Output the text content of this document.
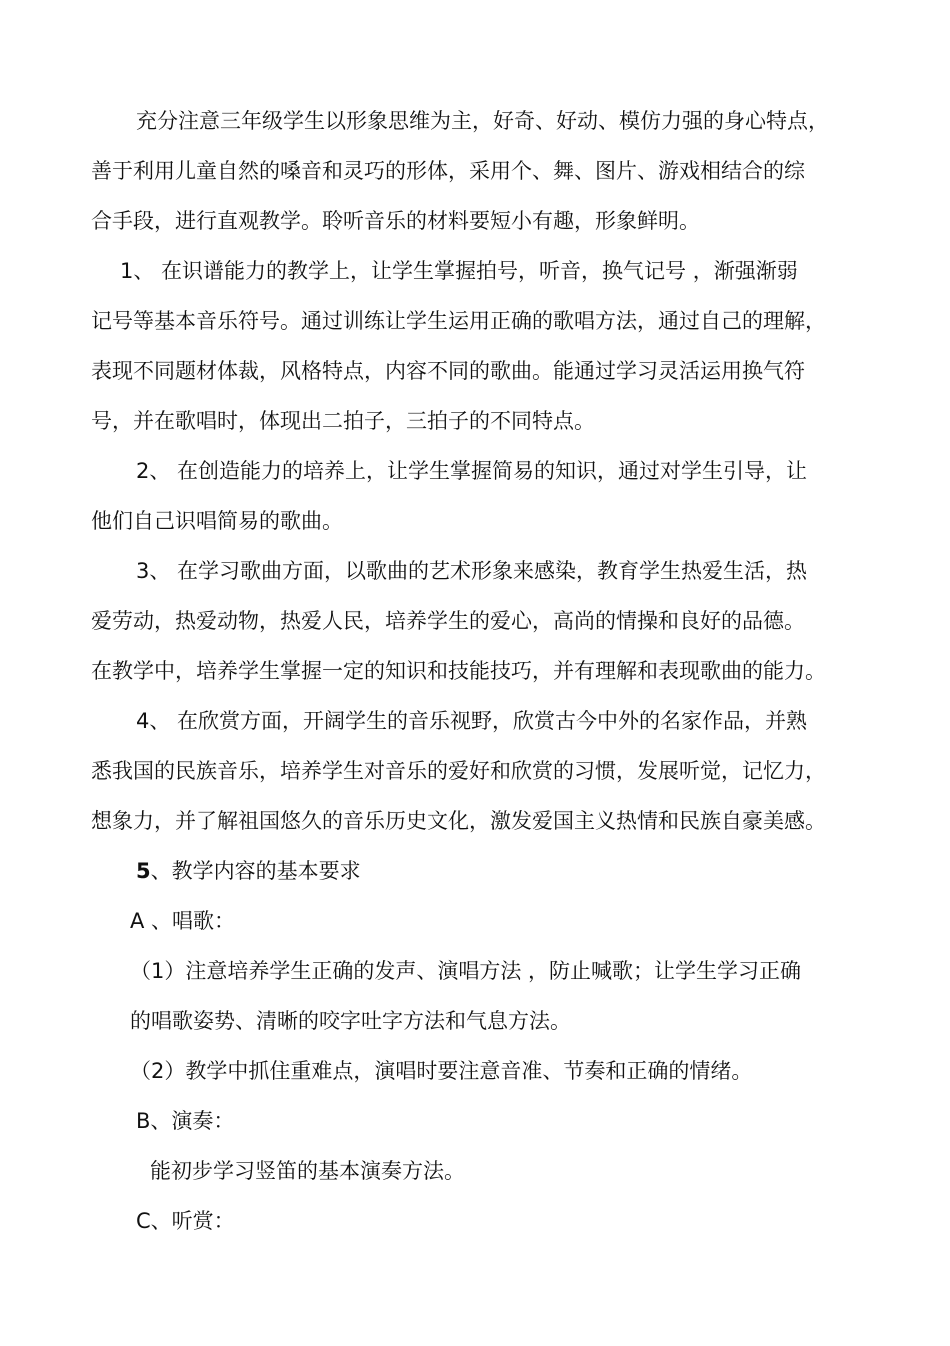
充分注意三年级学生以形象思维为主，好奇、好动、模仿力强的身心特点，
善于利用儿童自然的嗓音和灵巧的形体，采用个、舞、图片、游戏相结合的综
合手段，进行直观教学。聆听音乐的材料要短小有趣，形象鲜明。
1、 在识谱能力的教学上，让学生掌握拍号，听音，换气记号 ，渐强渐弱
记号等基本音乐符号。通过训练让学生运用正确的歌唱方法，通过自己的理解，
表现不同题材体裁，风格特点，内容不同的歌曲。能通过学习灵活运用换气符
号，并在歌唱时，体现出二拍子，三拍子的不同特点。
2、 在创造能力的培养上，让学生掌握简易的知识，通过对学生引导，让
他们自己识唱简易的歌曲。
3、 在学习歌曲方面，以歌曲的艺术形象来感染，教育学生热爱生活，热
爱劳动，热爱动物，热爱人民，培养学生的爱心，高尚的情操和良好的品德。
在教学中，培养学生掌握一定的知识和技能技巧，并有理解和表现歌曲的能力。
4、 在欣赏方面，开阔学生的音乐视野，欣赏古今中外的名家作品，并熟
悉我国的民族音乐，培养学生对音乐的爱好和欣赏的习惯，发展听觉，记忆力，
想象力，并了解祖国悠久的音乐历史文化，激发爱国主义热情和民族自豪美感。
5、教学内容的基本要求
A 、唱歌：
（1）注意培养学生正确的发声、演唱方法 ，防止喊歌；让学生学习正确
的唱歌姿势、清晰的咬字吐字方法和气息方法。
（2）教学中抓住重难点，演唱时要注意音准、节奏和正确的情绪。
B、演奏：
能初步学习竖笛的基本演奏方法。
C、听赏：
